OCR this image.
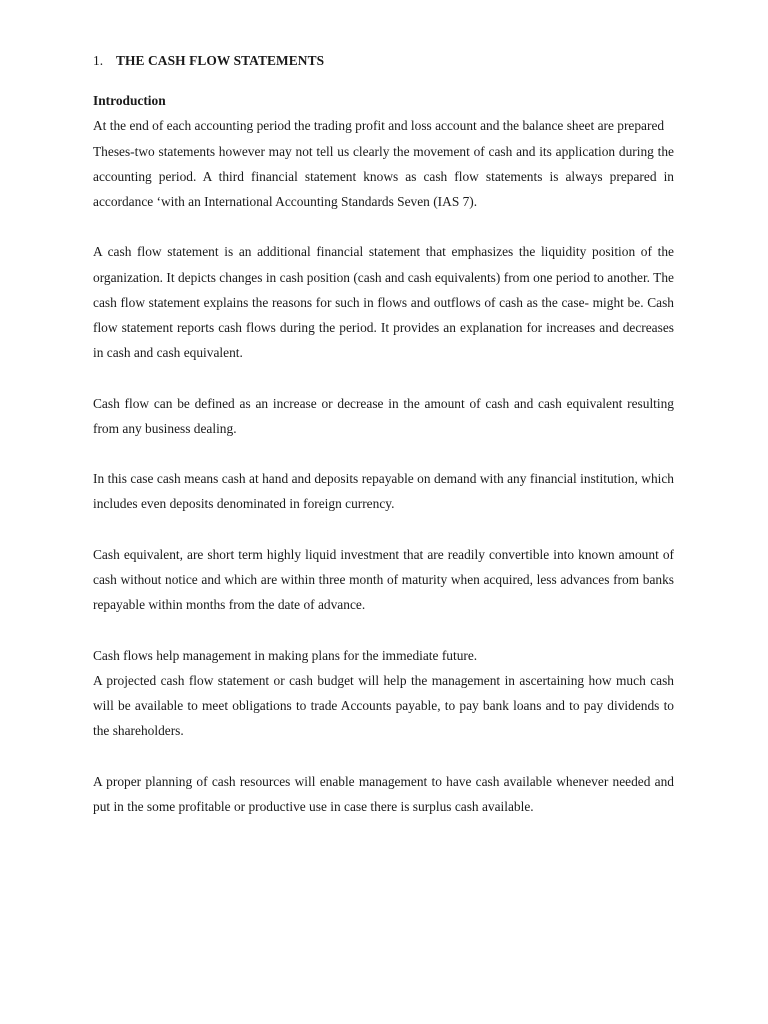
1. THE CASH FLOW STATEMENTS
Introduction

At the end of each accounting period the trading profit and loss account and the balance sheet are prepared

Theses-two statements however may not tell us clearly the movement of cash and its application during the accounting period. A third financial statement knows as cash flow statements is always prepared in accordance ‘with an International Accounting Standards Seven (IAS 7).

A cash flow statement is an additional financial statement that emphasizes the liquidity position of the organization. It depicts changes in cash position (cash and cash equivalents) from one period to another. The cash flow statement explains the reasons for such in flows and outflows of cash as the case- might be. Cash flow statement reports cash flows during the period. It provides an explanation for increases and decreases in cash and cash equivalent.

Cash flow can be defined as an increase or decrease in the amount of cash and cash equivalent resulting from any business dealing.

In this case cash means cash at hand and deposits repayable on demand with any financial institution, which includes even deposits denominated in foreign currency.

Cash equivalent, are short term highly liquid investment that are readily convertible into known amount of cash without notice and which are within three month of maturity when acquired, less advances from banks repayable within months from the date of advance.

Cash flows help management in making plans for the immediate future.

A projected cash flow statement or cash budget will help the management in ascertaining how much cash will be available to meet obligations to trade Accounts payable, to pay bank loans and to pay dividends to the shareholders.

A proper planning of cash resources will enable management to have cash available whenever needed and put in the some profitable or productive use in case there is surplus cash available.
